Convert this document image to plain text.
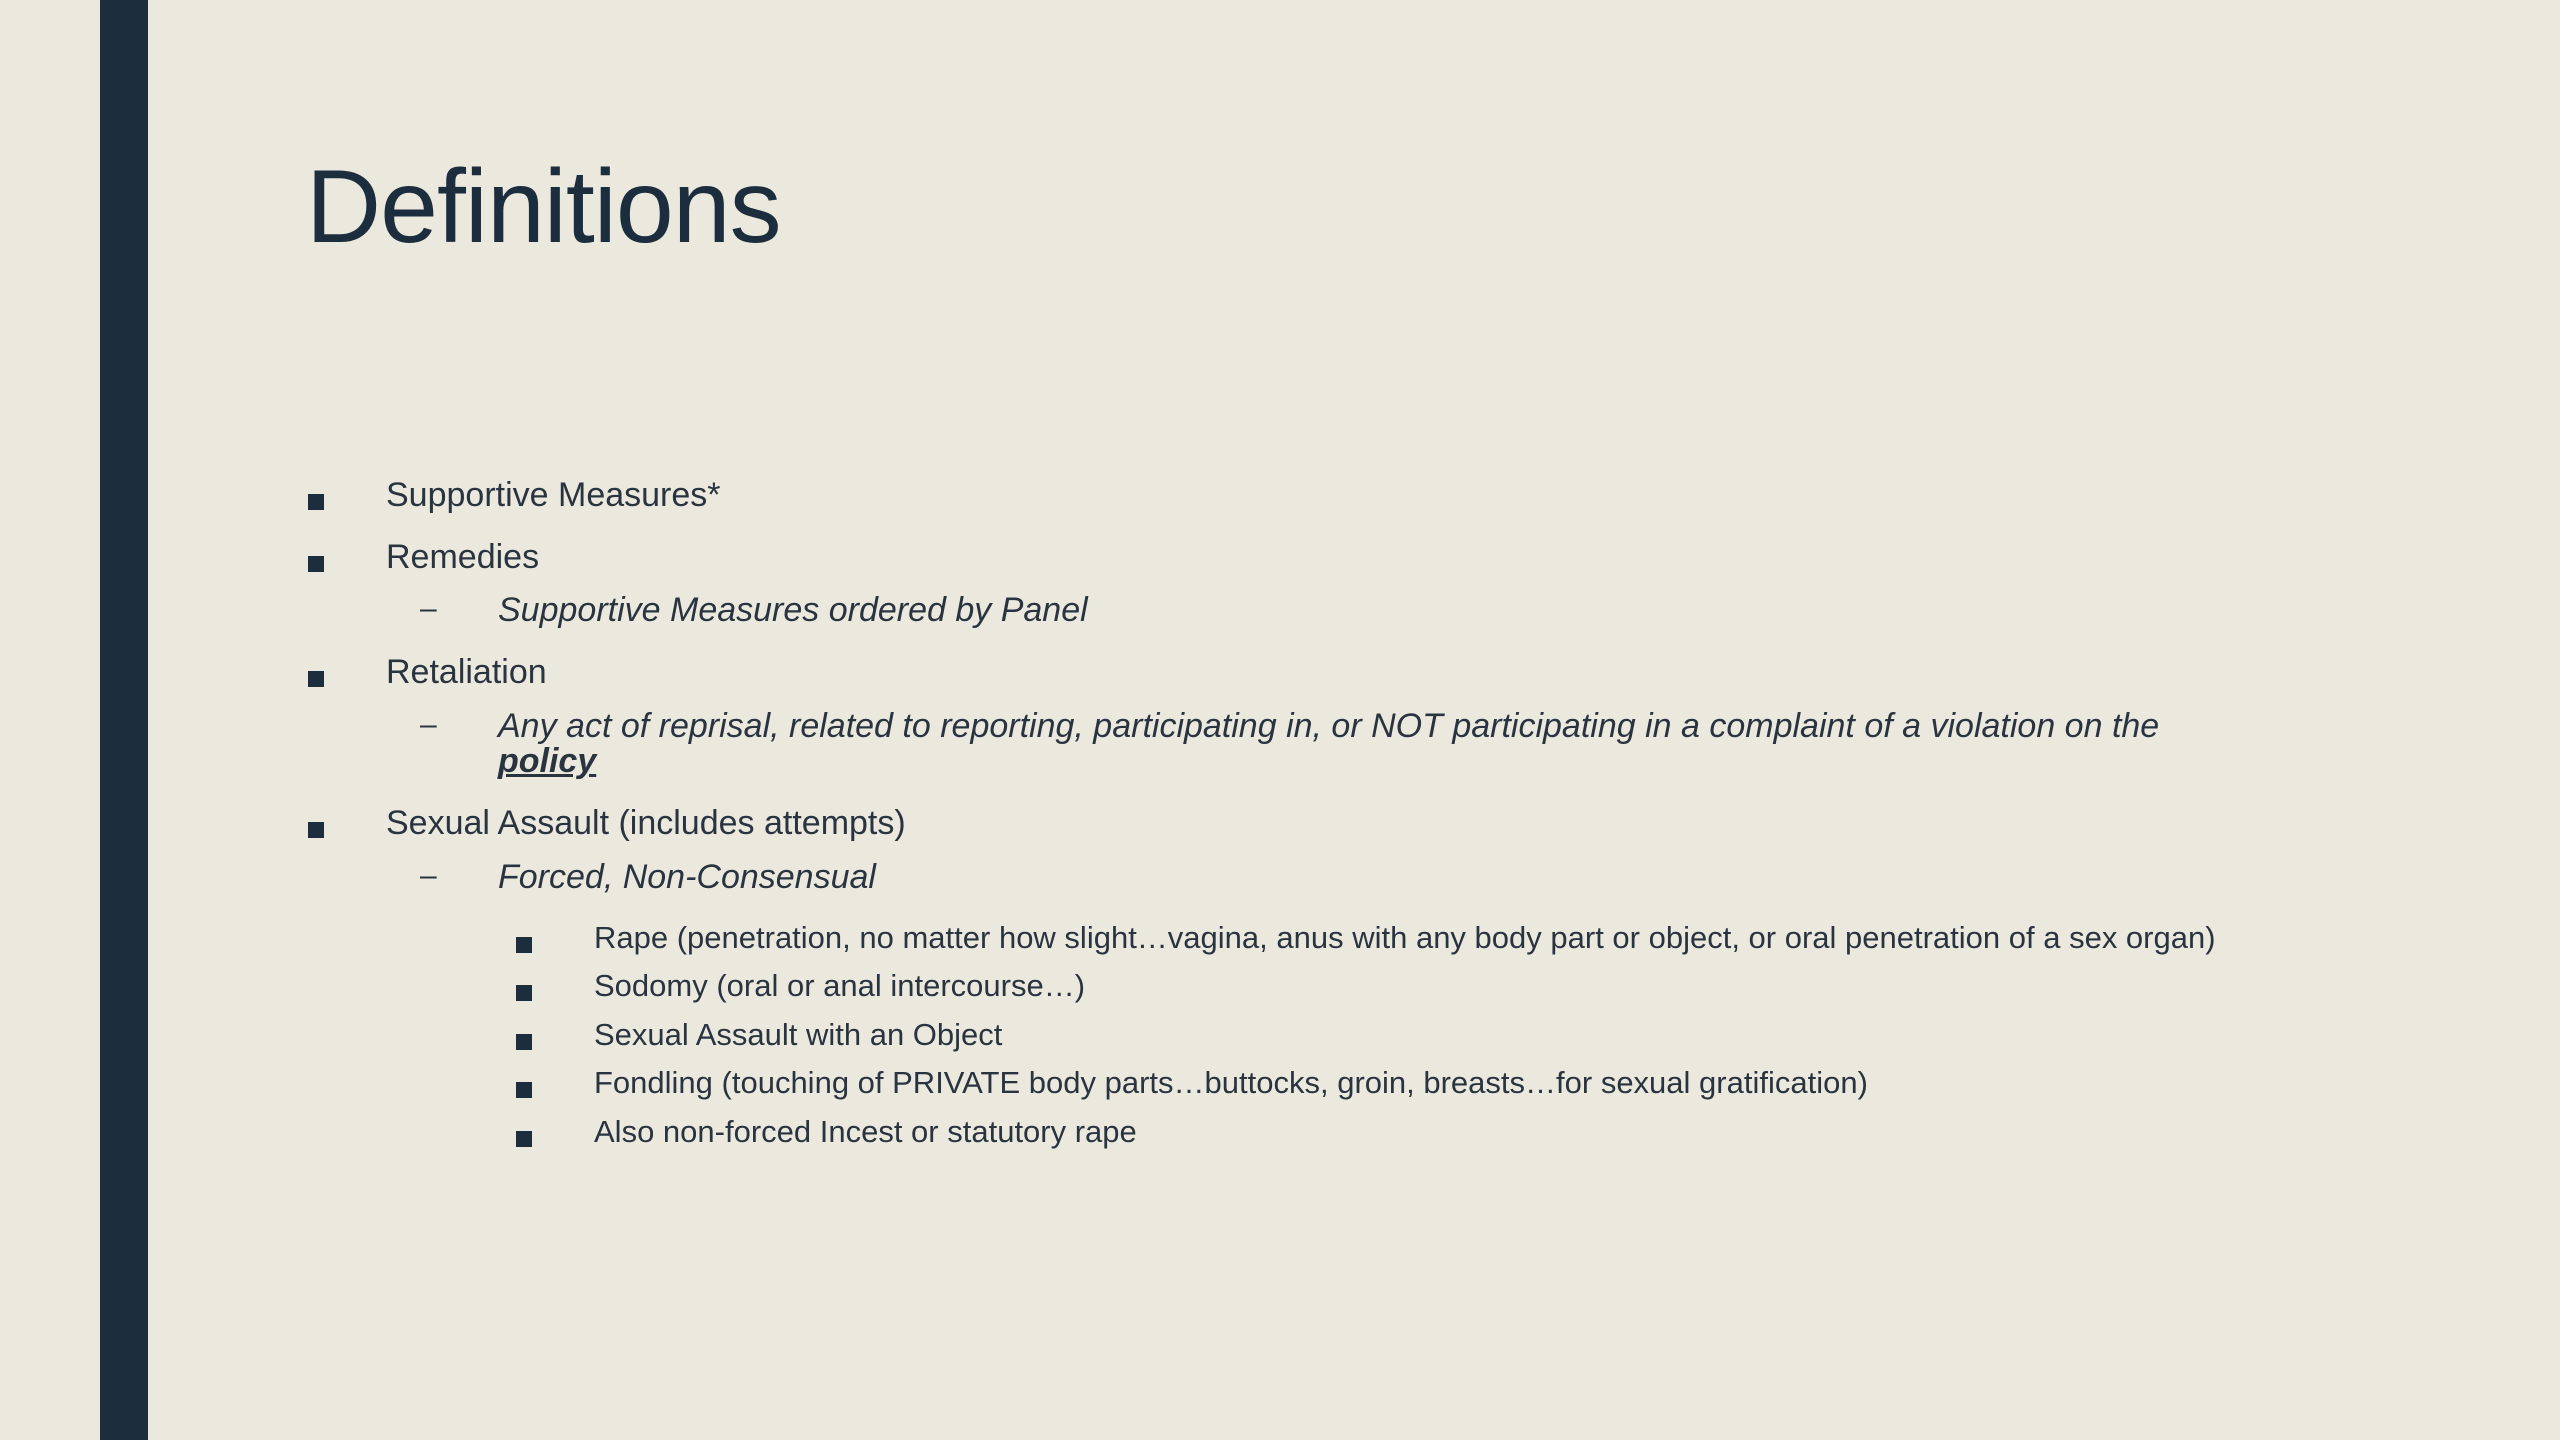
Definitions
Supportive Measures*
Remedies
– Supportive Measures ordered by Panel
Retaliation
– Any act of reprisal, related to reporting, participating in, or NOT participating in a complaint of a violation on the policy
Sexual Assault (includes attempts)
– Forced, Non-Consensual
Rape (penetration, no matter how slight…vagina, anus with any body part or object, or oral penetration of a sex organ)
Sodomy (oral or anal intercourse…)
Sexual Assault with an Object
Fondling (touching of PRIVATE body parts…buttocks, groin, breasts…for sexual gratification)
Also non-forced Incest or statutory rape
